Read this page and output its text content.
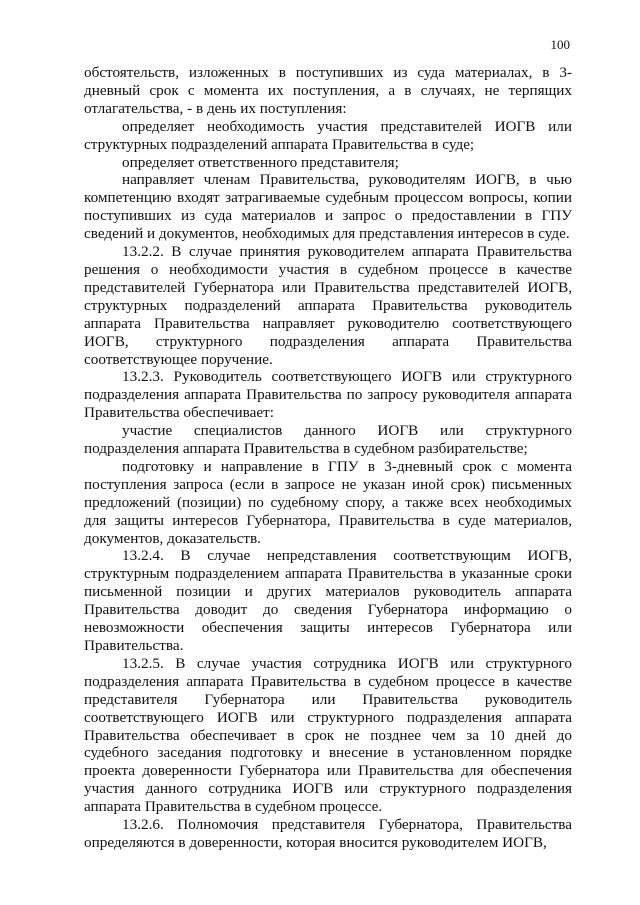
100

обстоятельств, изложенных в поступивших из суда материалах, в 3-дневный срок с момента их поступления, а в случаях, не терпящих отлагательства, - в день их поступления:

определяет необходимость участия представителей ИОГВ или структурных подразделений аппарата Правительства в суде;

определяет ответственного представителя;

направляет членам Правительства, руководителям ИОГВ, в чью компетенцию входят затрагиваемые судебным процессом вопросы, копии поступивших из суда материалов и запрос о предоставлении в ГПУ сведений и документов, необходимых для представления интересов в суде.

13.2.2. В случае принятия руководителем аппарата Правительства решения о необходимости участия в судебном процессе в качестве представителей Губернатора или Правительства представителей ИОГВ, структурных подразделений аппарата Правительства руководитель аппарата Правительства направляет руководителю соответствующего ИОГВ, структурного подразделения аппарата Правительства соответствующее поручение.

13.2.3. Руководитель соответствующего ИОГВ или структурного подразделения аппарата Правительства по запросу руководителя аппарата Правительства обеспечивает:

участие специалистов данного ИОГВ или структурного подразделения аппарата Правительства в судебном разбирательстве;

подготовку и направление в ГПУ в 3-дневный срок с момента поступления запроса (если в запросе не указан иной срок) письменных предложений (позиции) по судебному спору, а также всех необходимых для защиты интересов Губернатора, Правительства в суде материалов, документов, доказательств.

13.2.4. В случае непредставления соответствующим ИОГВ, структурным подразделением аппарата Правительства в указанные сроки письменной позиции и других материалов руководитель аппарата Правительства доводит до сведения Губернатора информацию о невозможности обеспечения защиты интересов Губернатора или Правительства.

13.2.5. В случае участия сотрудника ИОГВ или структурного подразделения аппарата Правительства в судебном процессе в качестве представителя Губернатора или Правительства руководитель соответствующего ИОГВ или структурного подразделения аппарата Правительства обеспечивает в срок не позднее чем за 10 дней до судебного заседания подготовку и внесение в установленном порядке проекта доверенности Губернатора или Правительства для обеспечения участия данного сотрудника ИОГВ или структурного подразделения аппарата Правительства в судебном процессе.

13.2.6. Полномочия представителя Губернатора, Правительства определяются в доверенности, которая вносится руководителем ИОГВ,
